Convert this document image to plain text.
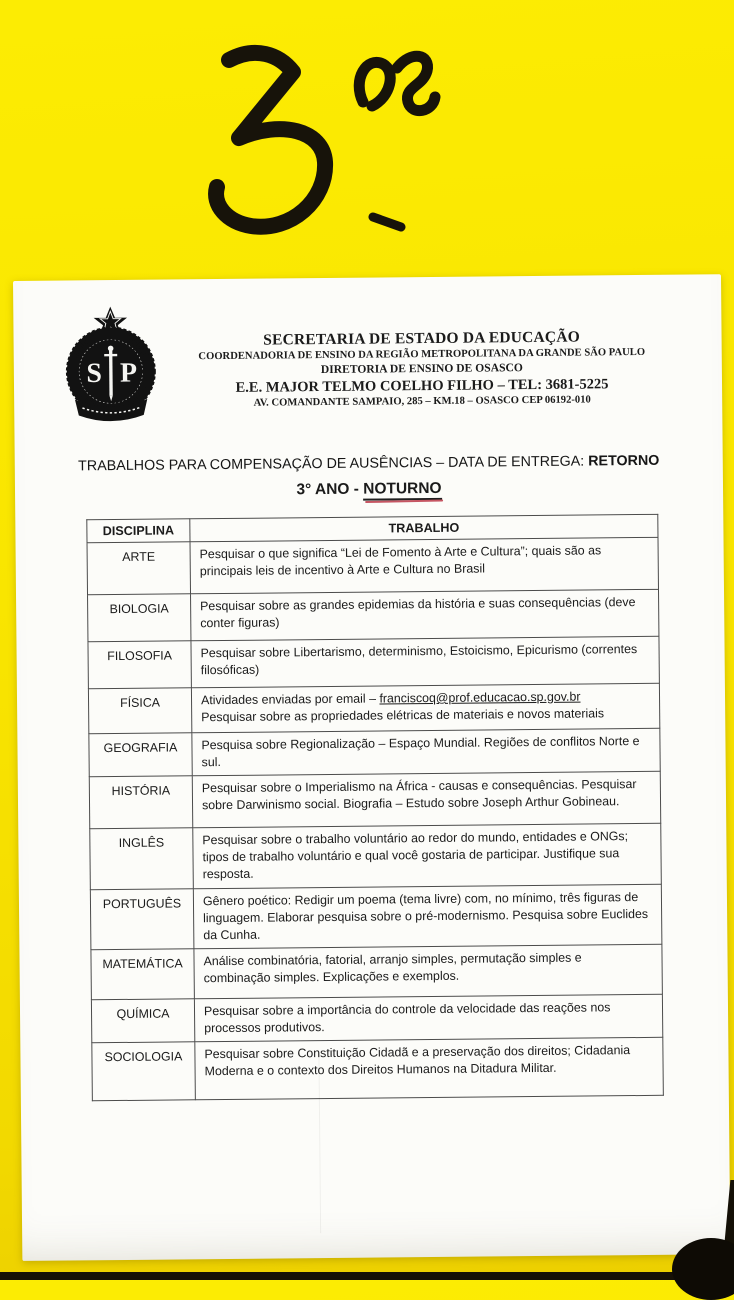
S P
SECRETARIA DE ESTADO DA EDUCAÇÃO
COORDENADORIA DE ENSINO DA REGIÃO METROPOLITANA DA GRANDE SÃO PAULO
DIRETORIA DE ENSINO DE OSASCO
E.E. MAJOR TELMO COELHO FILHO – TEL: 3681-5225
AV. COMANDANTE SAMPAIO, 285 – KM.18 – OSASCO CEP 06192-010
TRABALHOS PARA COMPENSAÇÃO DE AUSÊNCIAS – DATA DE ENTREGA: RETORNO
3° ANO - NOTURNO
DISCIPLINA	TRABALHO
ARTE	Pesquisar o que significa “Lei de Fomento à Arte e Cultura”; quais são as principais leis de incentivo à Arte e Cultura no Brasil
BIOLOGIA	Pesquisar sobre as grandes epidemias da história e suas consequências (deve conter figuras)
FILOSOFIA	Pesquisar sobre Libertarismo, determinismo, Estoicismo, Epicurismo (correntes filosóficas)
FÍSICA	Atividades enviadas por email – franciscoq@prof.educacao.sp.gov.br
Pesquisar sobre as propriedades elétricas de materiais e novos materiais
GEOGRAFIA	Pesquisa sobre Regionalização – Espaço Mundial. Regiões de conflitos Norte e sul.
HISTÓRIA	Pesquisar sobre o Imperialismo na África - causas e consequências. Pesquisar sobre Darwinismo social. Biografia – Estudo sobre Joseph Arthur Gobineau.
INGLÊS	Pesquisar sobre o trabalho voluntário ao redor do mundo, entidades e ONGs; tipos de trabalho voluntário e qual você gostaria de participar. Justifique sua resposta.
PORTUGUÊS	Gênero poético: Redigir um poema (tema livre) com, no mínimo, três figuras de linguagem. Elaborar pesquisa sobre o pré-modernismo. Pesquisa sobre Euclides da Cunha.
MATEMÁTICA	Análise combinatória, fatorial, arranjo simples, permutação simples e combinação simples. Explicações e exemplos.
QUÍMICA	Pesquisar sobre a importância do controle da velocidade das reações nos processos produtivos.
SOCIOLOGIA	Pesquisar sobre Constituição Cidadã e a preservação dos direitos; Cidadania Moderna e o contexto dos Direitos Humanos na Ditadura Militar.
